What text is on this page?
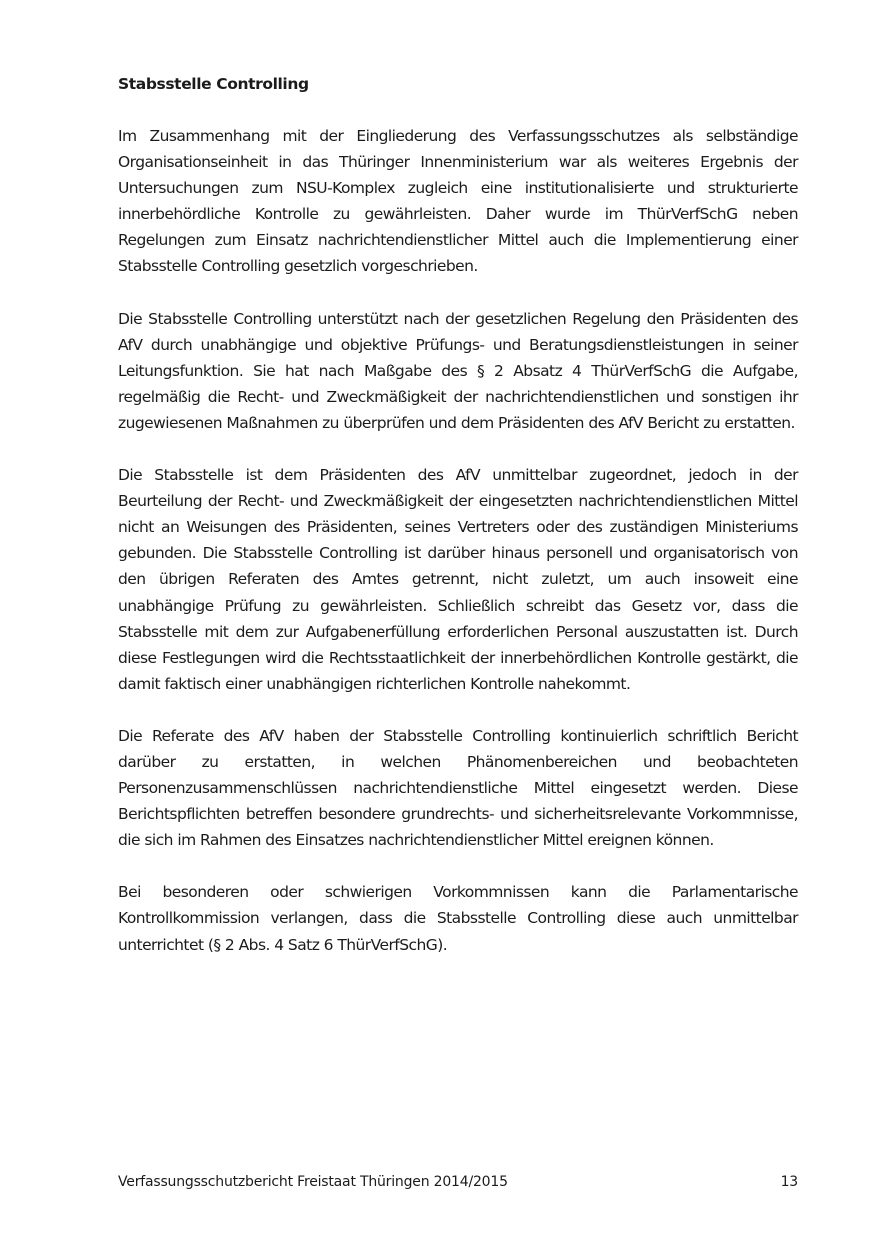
Stabsstelle Controlling

Im Zusammenhang mit der Eingliederung des Verfassungsschutzes als selbständige Organisationseinheit in das Thüringer Innenministerium war als weiteres Ergebnis der Untersuchungen zum NSU-Komplex zugleich eine institutionalisierte und strukturierte innerbehördliche Kontrolle zu gewährleisten. Daher wurde im ThürVerfSchG neben Regelungen zum Einsatz nachrichtendienstlicher Mittel auch die Implementierung einer Stabsstelle Controlling gesetzlich vorgeschrieben.

Die Stabsstelle Controlling unterstützt nach der gesetzlichen Regelung den Präsidenten des AfV durch unabhängige und objektive Prüfungs- und Beratungsdienstleistungen in seiner Leitungsfunktion. Sie hat nach Maßgabe des § 2 Absatz 4 ThürVerfSchG die Aufgabe, regelmäßig die Recht- und Zweckmäßigkeit der nachrichtendienstlichen und sonstigen ihr zugewiesenen Maßnahmen zu überprüfen und dem Präsidenten des AfV Bericht zu erstatten.

Die Stabsstelle ist dem Präsidenten des AfV unmittelbar zugeordnet, jedoch in der Beurteilung der Recht- und Zweckmäßigkeit der eingesetzten nachrichtendienstlichen Mittel nicht an Weisungen des Präsidenten, seines Vertreters oder des zuständigen Ministeriums gebunden. Die Stabsstelle Controlling ist darüber hinaus personell und organisatorisch von den übrigen Referaten des Amtes getrennt, nicht zuletzt, um auch insoweit eine unabhängige Prüfung zu gewährleisten. Schließlich schreibt das Gesetz vor, dass die Stabsstelle mit dem zur Aufgabenerfüllung erforderlichen Personal auszustatten ist. Durch diese Festlegungen wird die Rechtsstaatlichkeit der innerbehördlichen Kontrolle gestärkt, die damit faktisch einer unabhängigen richterlichen Kontrolle nahekommt.

Die Referate des AfV haben der Stabsstelle Controlling kontinuierlich schriftlich Bericht darüber zu erstatten, in welchen Phänomenbereichen und beobachteten Personenzusammenschlüssen nachrichtendienstliche Mittel eingesetzt werden. Diese Berichtspflichten betreffen besondere grundrechts- und sicherheitsrelevante Vorkommnisse, die sich im Rahmen des Einsatzes nachrichtendienstlicher Mittel ereignen können.

Bei besonderen oder schwierigen Vorkommnissen kann die Parlamentarische Kontrollkommission verlangen, dass die Stabsstelle Controlling diese auch unmittelbar unterrichtet (§ 2 Abs. 4 Satz 6 ThürVerfSchG).

Verfassungsschutzbericht Freistaat Thüringen 2014/2015	13
